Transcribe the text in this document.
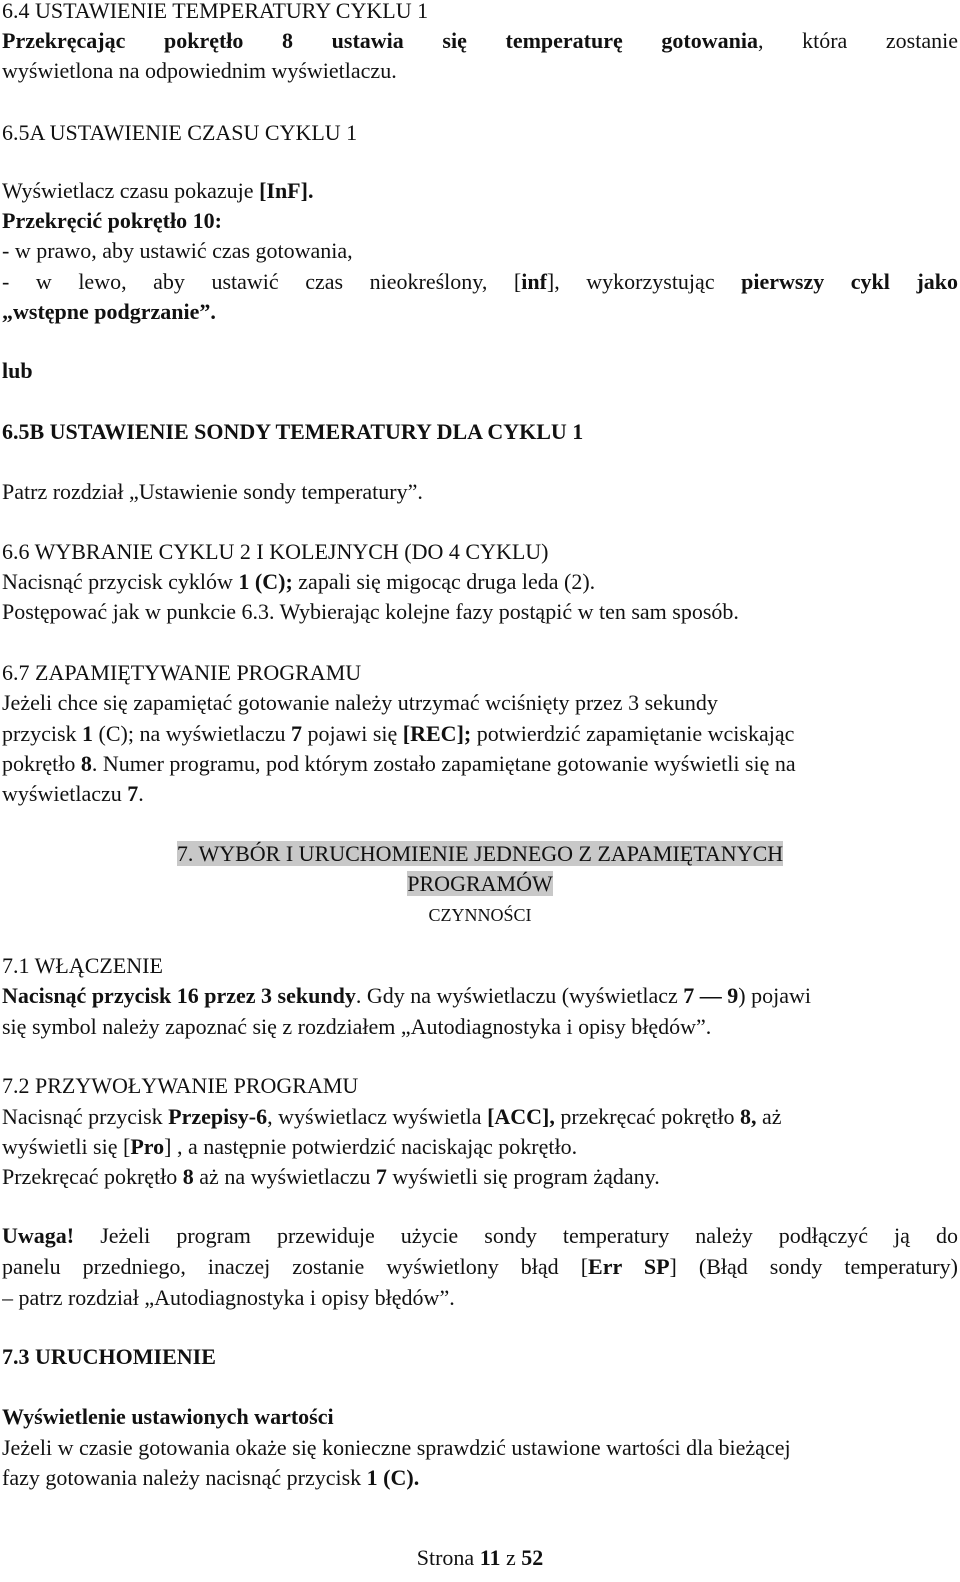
6.4 USTAWIENIE TEMPERATURY CYKLU 1
Przekręcając pokrętło 8 ustawia się temperaturę gotowania, która zostanie
wyświetlona na odpowiednim wyświetlaczu.
6.5A USTAWIENIE CZASU CYKLU 1
Wyświetlacz czasu pokazuje [InF].
Przekręcić pokrętło 10:
- w prawo, aby ustawić czas gotowania,
- w lewo, aby ustawić czas nieokreślony, [inf], wykorzystując pierwszy cykl jako
„wstępne podgrzanie”.
lub
6.5B USTAWIENIE SONDY TEMERATURY DLA CYKLU 1
Patrz rozdział „Ustawienie sondy temperatury”.
6.6 WYBRANIE CYKLU 2 I KOLEJNYCH (DO 4 CYKLU)
Nacisnąć przycisk cyklów 1 (C); zapali się migocąc druga leda (2).
Postępować jak w punkcie 6.3. Wybierając kolejne fazy postąpić w ten sam sposób.
6.7 ZAPAMIĘTYWANIE PROGRAMU
Jeżeli chce się zapamiętać gotowanie należy utrzymać wciśnięty przez 3 sekundy
przycisk 1 (C); na wyświetlaczu 7 pojawi się [REC]; potwierdzić zapamiętanie wciskając
pokrętło 8. Numer programu, pod którym zostało zapamiętane gotowanie wyświetli się na
wyświetlaczu 7.
7. WYBÓR I URUCHOMIENIE JEDNEGO Z ZAPAMIĘTANYCH
PROGRAMÓW
CZYNNOŚCI
7.1 WŁĄCZENIE
Nacisnąć przycisk 16 przez 3 sekundy. Gdy na wyświetlaczu (wyświetlacz 7 — 9) pojawi
się symbol należy zapoznać się z rozdziałem „Autodiagnostyka i opisy błędów”.
7.2 PRZYWOŁYWANIE PROGRAMU
Nacisnąć przycisk Przepisy-6, wyświetlacz wyświetla [ACC], przekręcać pokrętło 8, aż
wyświetli się [Pro] , a następnie potwierdzić naciskając pokrętło.
Przekręcać pokrętło 8 aż na wyświetlaczu 7 wyświetli się program żądany.
Uwaga! Jeżeli program przewiduje użycie sondy temperatury należy podłączyć ją do
panelu przedniego, inaczej zostanie wyświetlony błąd [Err SP] (Błąd sondy temperatury)
– patrz rozdział „Autodiagnostyka i opisy błędów”.
7.3 URUCHOMIENIE
Wyświetlenie ustawionych wartości
Jeżeli w czasie gotowania okaże się konieczne sprawdzić ustawione wartości dla bieżącej
fazy gotowania należy nacisnąć przycisk 1 (C).
Strona 11 z 52
